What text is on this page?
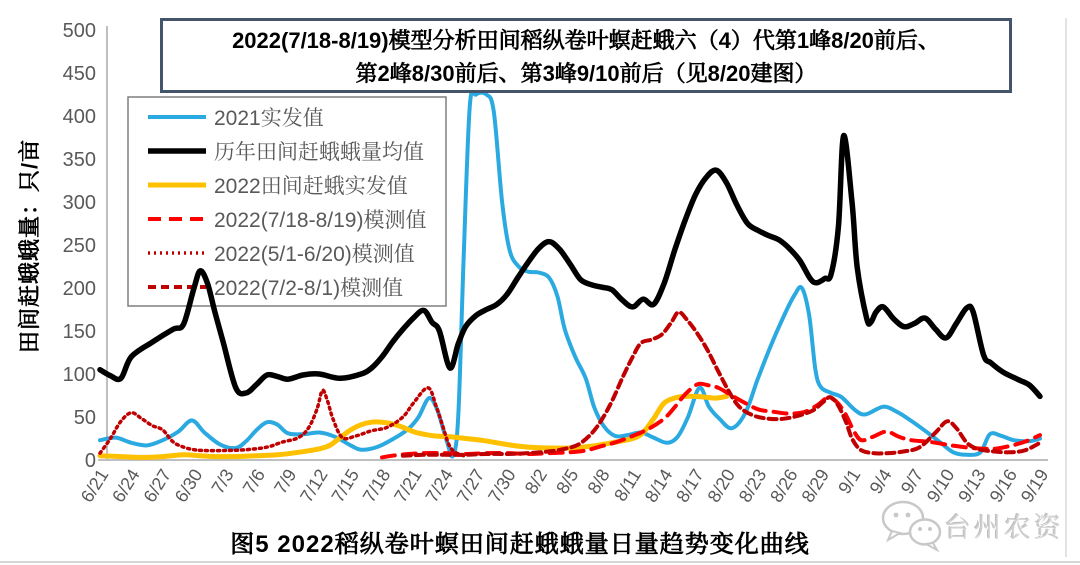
田间赶蛾蛾量：只/亩
0
50
100
150
200
250
300
350
400
450
500
6/21
6/24
6/27
6/30 7/3 7/6 7/9
7/12
7/15
7/18
7/21
7/24
7/27
7/30 8/2 8/5 8/8
8/11
8/14
8/17
8/20
8/23
8/26
8/29 9/1 9/4 9/7
9/10
9/13
9/16
9/19
2021实发值
历年田间赶蛾蛾量均值
2022田间赶蛾实发值
2022(7/18-8/19)模测值
2022(5/1-6/20)模测值
2022(7/2-8/1)模测值
2022(7/18-8/19)模型分析田间稻纵卷叶螟赶蛾六（4）代第1峰8/20前后、
第2峰8/30前后、第3峰9/10前后（见8/20建图）
图5 2022稻纵卷叶螟田间赶蛾蛾量日量趋势变化曲线
台州农资
